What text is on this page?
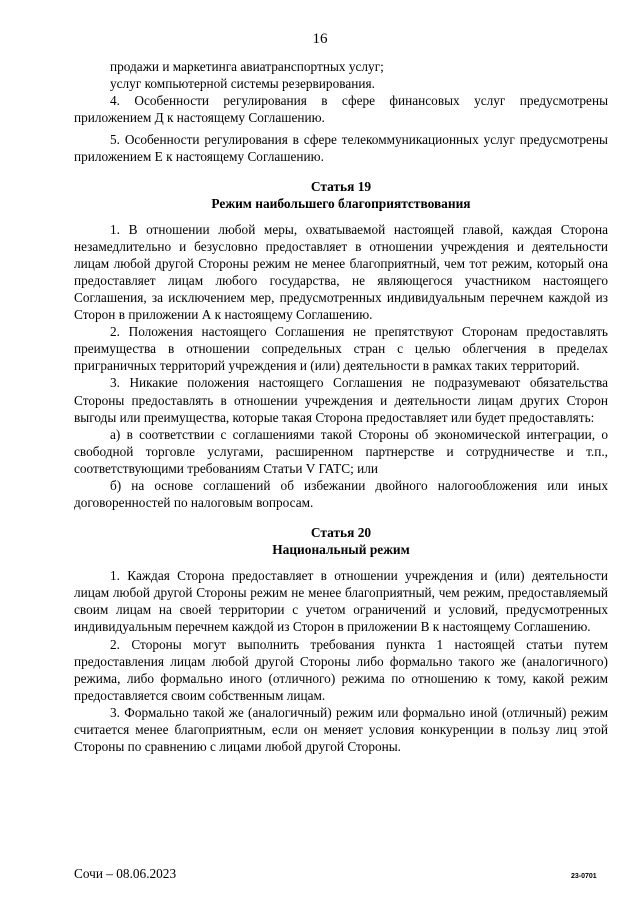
16

продажи и маркетинга авиатранспортных услуг;

услуг компьютерной системы резервирования.

4. Особенности регулирования в сфере финансовых услуг предусмотрены приложением Д к настоящему Соглашению.

5. Особенности регулирования в сфере телекоммуникационных услуг предусмотрены приложением Е к настоящему Соглашению.

Статья 19

Режим наибольшего благоприятствования

1. В отношении любой меры, охватываемой настоящей главой, каждая Сторона незамедлительно и безусловно предоставляет в отношении учреждения и деятельности лицам любой другой Стороны режим не менее благоприятный, чем тот режим, который она предоставляет лицам любого государства, не являющегося участником настоящего Соглашения, за исключением мер, предусмотренных индивидуальным перечнем каждой из Сторон в приложении А к настоящему Соглашению.

2. Положения настоящего Соглашения не препятствуют Сторонам предоставлять преимущества в отношении сопредельных стран с целью облегчения в пределах приграничных территорий учреждения и (или) деятельности в рамках таких территорий.

3. Никакие положения настоящего Соглашения не подразумевают обязательства Стороны предоставлять в отношении учреждения и деятельности лицам других Сторон выгоды или преимущества, которые такая Сторона предоставляет или будет предоставлять:

а) в соответствии с соглашениями такой Стороны об экономической интеграции, о свободной торговле услугами, расширенном партнерстве и сотрудничестве и т.п., соответствующими требованиям Статьи V ГАТС; или

б) на основе соглашений об избежании двойного налогообложения или иных договоренностей по налоговым вопросам.

Статья 20

Национальный режим

1. Каждая Сторона предоставляет в отношении учреждения и (или) деятельности лицам любой другой Стороны режим не менее благоприятный, чем режим, предоставляемый своим лицам на своей территории с учетом ограничений и условий, предусмотренных индивидуальным перечнем каждой из Сторон в приложении В к настоящему Соглашению.

2. Стороны могут выполнить требования пункта 1 настоящей статьи путем предоставления лицам любой другой Стороны либо формально такого же (аналогичного) режима, либо формально иного (отличного) режима по отношению к тому, какой режим предоставляется своим собственным лицам.

3. Формально такой же (аналогичный) режим или формально иной (отличный) режим считается менее благоприятным, если он меняет условия конкуренции в пользу лиц этой Стороны по сравнению с лицами любой другой Стороны.

Сочи – 08.06.2023	23-0701
